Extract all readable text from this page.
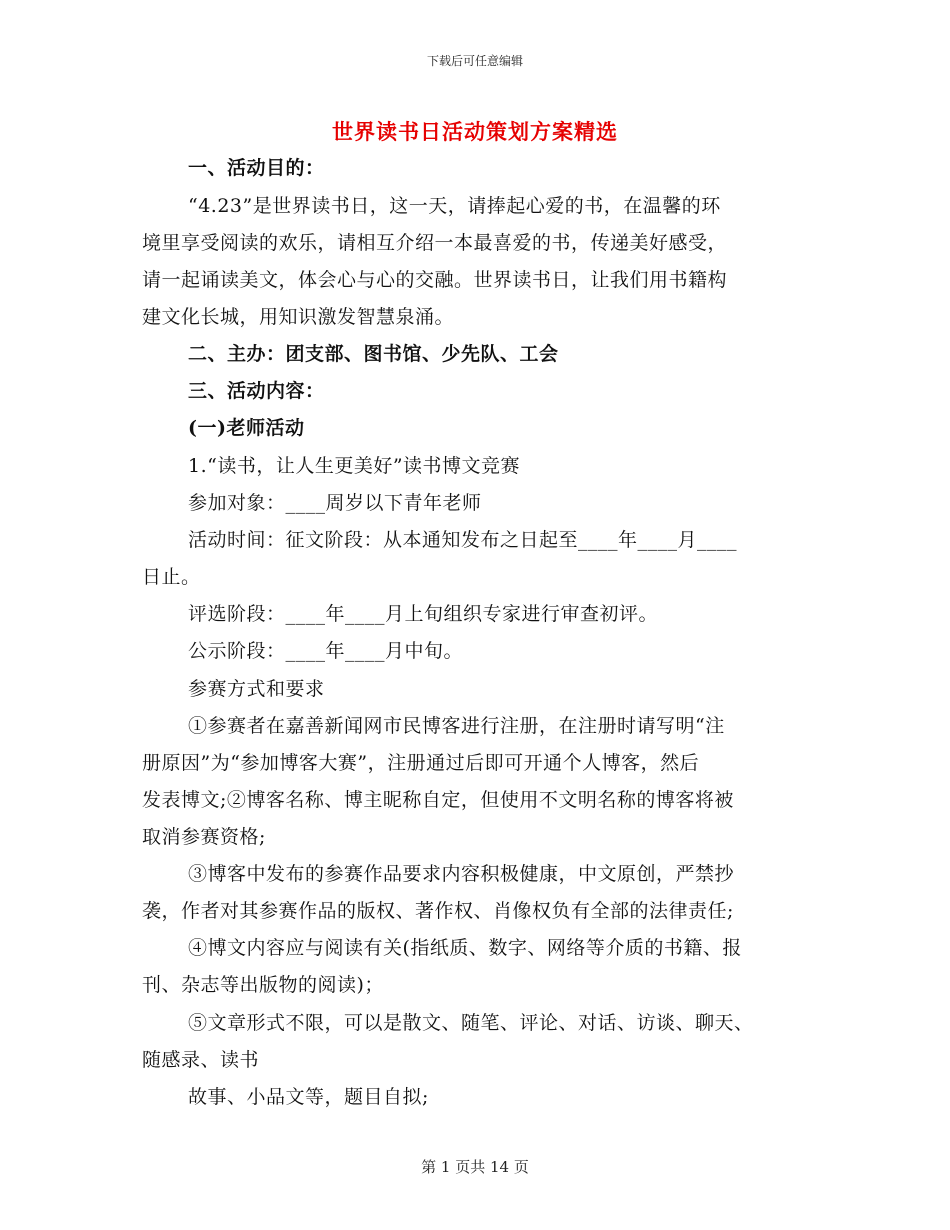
下载后可任意编辑
世界读书日活动策划方案精选
一、活动目的：
“4.23”是世界读书日，这一天，请捧起心爱的书，在温馨的环
境里享受阅读的欢乐，请相互介绍一本最喜爱的书，传递美好感受，
请一起诵读美文，体会心与心的交融。世界读书日，让我们用书籍构
建文化长城，用知识激发智慧泉涌。
二、主办：团支部、图书馆、少先队、工会
三、活动内容：
(一)老师活动
1.“读书，让人生更美好”读书博文竞赛
参加对象：____周岁以下青年老师
活动时间：征文阶段：从本通知发布之日起至____年____月____
日止。
评选阶段：____年____月上旬组织专家进行审查初评。
公示阶段：____年____月中旬。
参赛方式和要求
①参赛者在嘉善新闻网市民博客进行注册，在注册时请写明“注
册原因”为“参加博客大赛”，注册通过后即可开通个人博客，然后
发表博文;②博客名称、博主昵称自定，但使用不文明名称的博客将被
取消参赛资格;
③博客中发布的参赛作品要求内容积极健康，中文原创，严禁抄
袭，作者对其参赛作品的版权、著作权、肖像权负有全部的法律责任;
④博文内容应与阅读有关(指纸质、数字、网络等介质的书籍、报
刊、杂志等出版物的阅读)；
⑤文章形式不限，可以是散文、随笔、评论、对话、访谈、聊天、
随感录、读书
故事、小品文等，题目自拟;
第 1 页共 14 页
